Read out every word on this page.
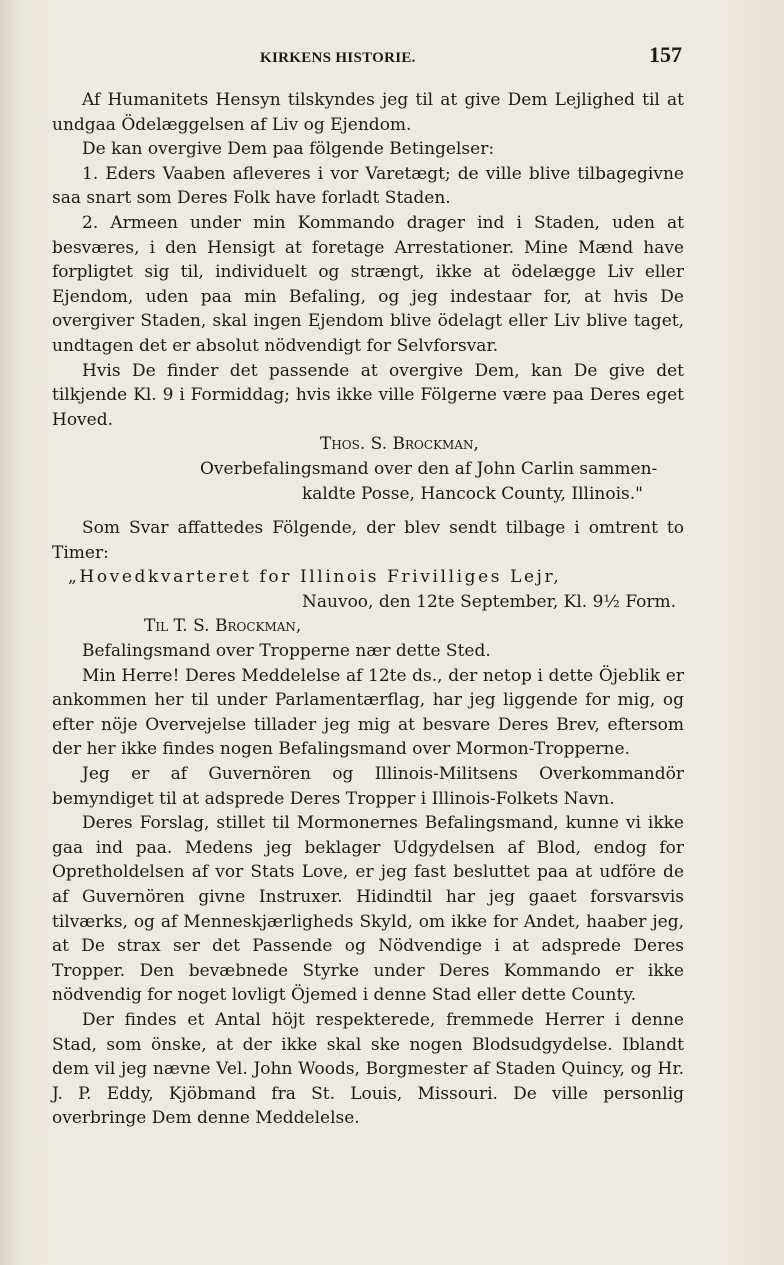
KIRKENS HISTORIE.	157

Af Humanitets Hensyn tilskyndes jeg til at give Dem Lejlighed til at undgaa Ödelæggelsen af Liv og Ejendom.

De kan overgive Dem paa fölgende Betingelser:

1. Eders Vaaben afleveres i vor Varetægt; de ville blive tilbagegivne saa snart som Deres Folk have forladt Staden.

2. Armeen under min Kommando drager ind i Staden, uden at besværes, i den Hensigt at foretage Arrestationer. Mine Mænd have forpligtet sig til, individuelt og strængt, ikke at ödelægge Liv eller Ejendom, uden paa min Befaling, og jeg indestaar for, at hvis De overgiver Staden, skal ingen Ejendom blive ödelagt eller Liv blive taget, undtagen det er absolut nödvendigt for Selvforsvar.

Hvis De finder det passende at overgive Dem, kan De give det tilkjende Kl. 9 i Formiddag; hvis ikke ville Fölgerne være paa Deres eget Hoved.

Thos. S. Brockman,

Overbefalingsmand over den af John Carlin sammen-

kaldte Posse, Hancock County, Illinois."

Som Svar affattedes Fölgende, der blev sendt tilbage i omtrent to Timer:

„Hovedkvarteret for Illinois Frivilliges Lejr,

Nauvoo, den 12te September, Kl. 9½ Form.

Til T. S. Brockman,

Befalingsmand over Tropperne nær dette Sted.

Min Herre! Deres Meddelelse af 12te ds., der netop i dette Öjeblik er ankommen her til under Parlamentærflag, har jeg liggende for mig, og efter nöje Overvejelse tillader jeg mig at besvare Deres Brev, eftersom der her ikke findes nogen Befalingsmand over Mormon-Tropperne.

Jeg er af Guvernören og Illinois-Militsens Overkommandör bemyndiget til at adsprede Deres Tropper i Illinois-Folkets Navn.

Deres Forslag, stillet til Mormonernes Befalingsmand, kunne vi ikke gaa ind paa. Medens jeg beklager Udgydelsen af Blod, endog for Opretholdelsen af vor Stats Love, er jeg fast besluttet paa at udföre de af Guvernören givne Instruxer. Hidindtil har jeg gaaet forsvarsvis tilværks, og af Menneskjærligheds Skyld, om ikke for Andet, haaber jeg, at De strax ser det Passende og Nödvendige i at adsprede Deres Tropper. Den bevæbnede Styrke under Deres Kommando er ikke nödvendig for noget lovligt Öjemed i denne Stad eller dette County.

Der findes et Antal höjt respekterede, fremmede Herrer i denne Stad, som önske, at der ikke skal ske nogen Blodsudgydelse. Iblandt dem vil jeg nævne Vel. John Woods, Borgmester af Staden Quincy, og Hr. J. P. Eddy, Kjöbmand fra St. Louis, Missouri. De ville personlig overbringe Dem denne Meddelelse.
